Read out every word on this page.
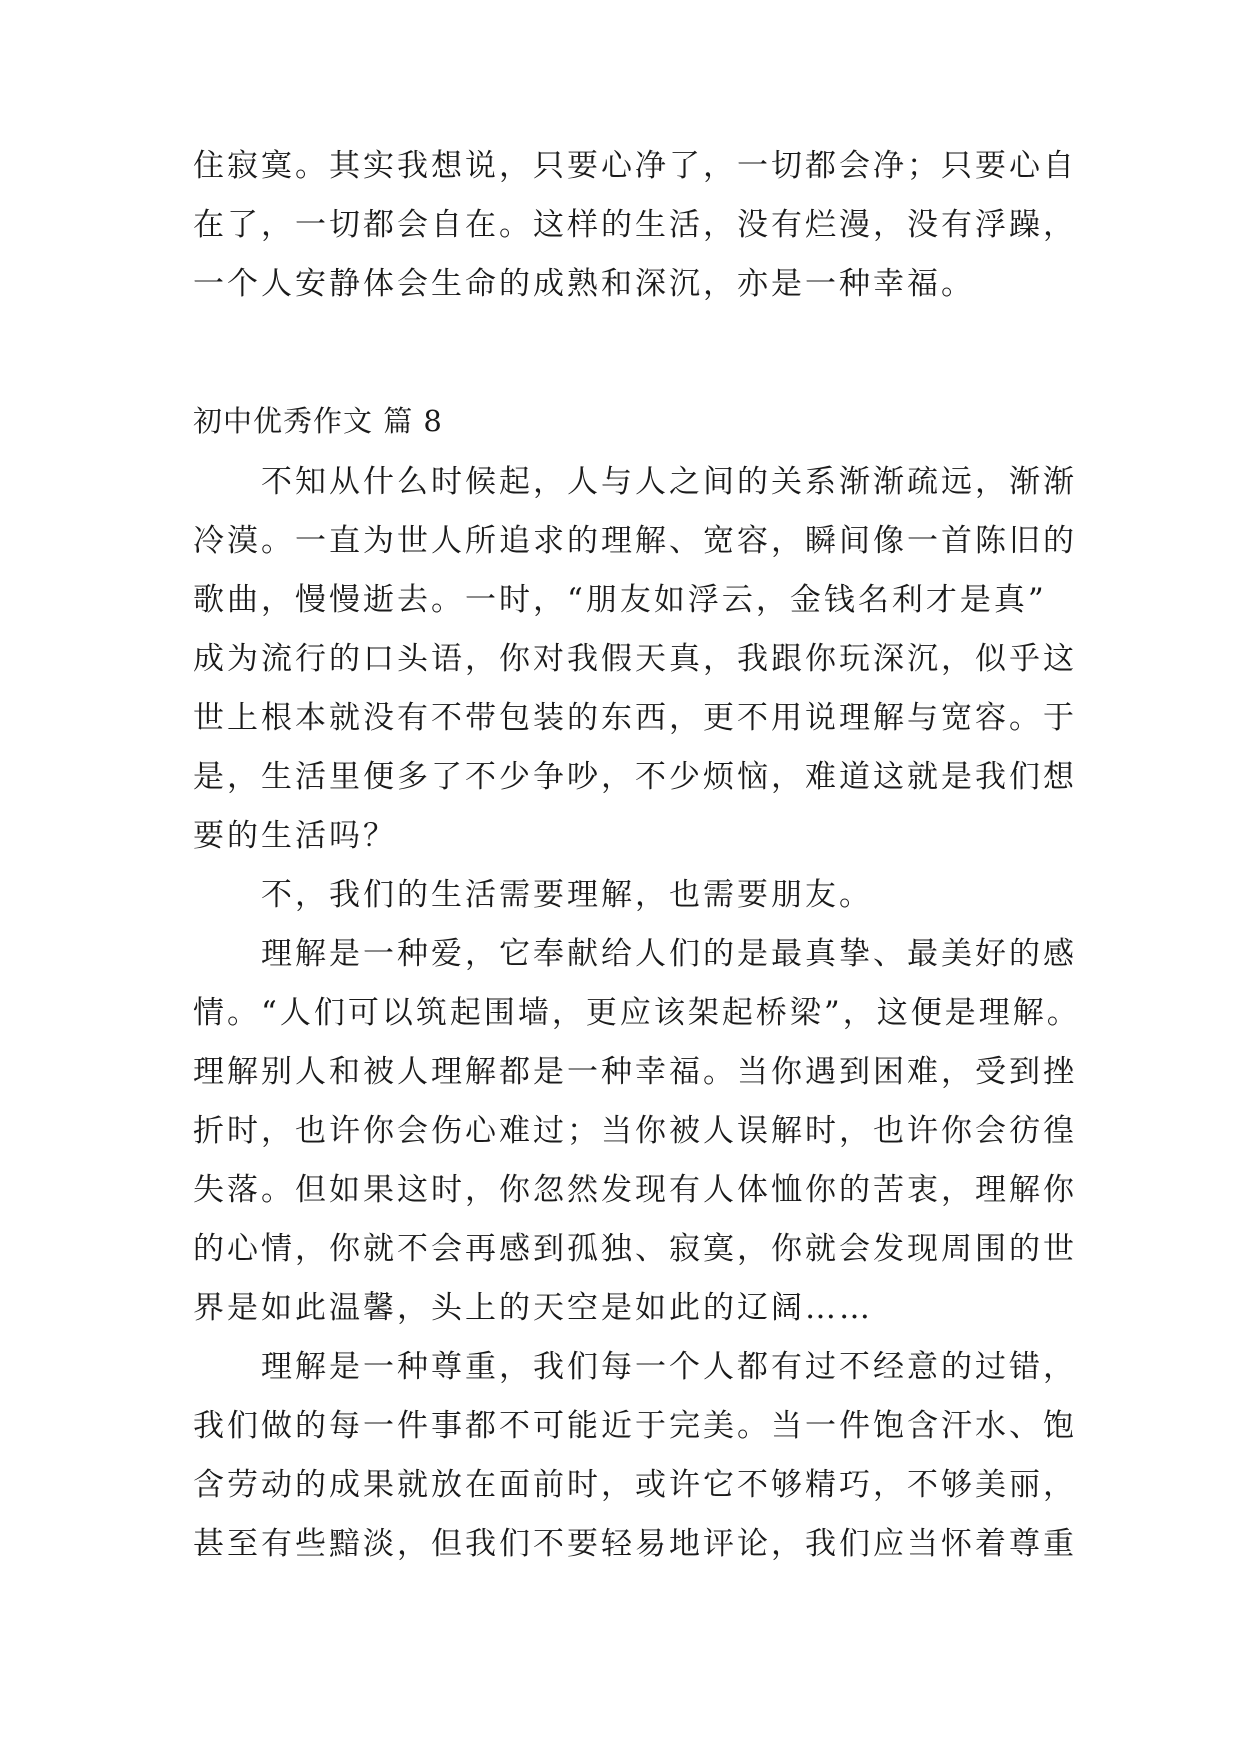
住寂寞。其实我想说，只要心净了，一切都会净；只要心自
在了，一切都会自在。这样的生活，没有烂漫，没有浮躁，
一个人安静体会生命的成熟和深沉，亦是一种幸福。
初中优秀作文 篇 8
　　不知从什么时候起，人与人之间的关系渐渐疏远，渐渐
冷漠。一直为世人所追求的理解、宽容，瞬间像一首陈旧的
歌曲，慢慢逝去。一时，“朋友如浮云，金钱名利才是真”
成为流行的口头语，你对我假天真，我跟你玩深沉，似乎这
世上根本就没有不带包装的东西，更不用说理解与宽容。于
是，生活里便多了不少争吵，不少烦恼，难道这就是我们想
要的生活吗？
　　不，我们的生活需要理解，也需要朋友。
　　理解是一种爱，它奉献给人们的是最真挚、最美好的感
情。“人们可以筑起围墙，更应该架起桥梁”，这便是理解。
理解别人和被人理解都是一种幸福。当你遇到困难，受到挫
折时，也许你会伤心难过；当你被人误解时，也许你会彷徨
失落。但如果这时，你忽然发现有人体恤你的苦衷，理解你
的心情，你就不会再感到孤独、寂寞，你就会发现周围的世
界是如此温馨，头上的天空是如此的辽阔……
　　理解是一种尊重，我们每一个人都有过不经意的过错，
我们做的每一件事都不可能近于完美。当一件饱含汗水、饱
含劳动的成果就放在面前时，或许它不够精巧，不够美丽，
甚至有些黯淡，但我们不要轻易地评论，我们应当怀着尊重
